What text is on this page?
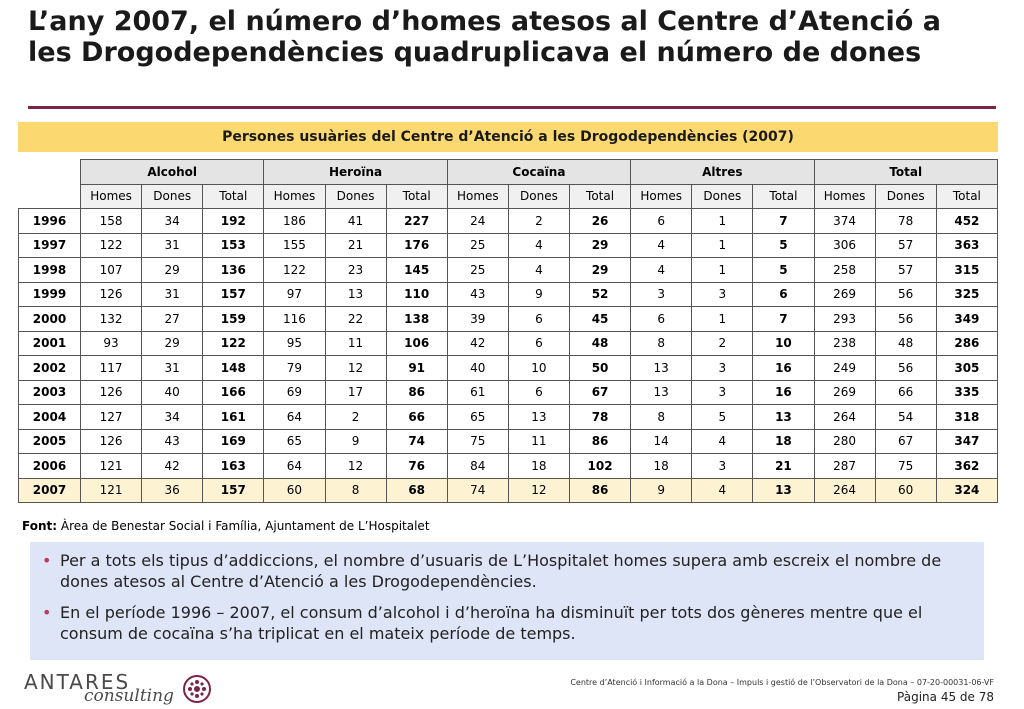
L’any 2007, el número d’homes atesos al Centre d’Atenció a les Drogodependències quadruplicava el número de dones
Persones usuàries del Centre d’Atenció a les Drogodependències (2007)
	Alcohol			Heroïna			Cocaïna			Altres			Total		
	Homes	Dones	Total	Homes	Dones	Total	Homes	Dones	Total	Homes	Dones	Total	Homes	Dones	Total
1996	158	34	192	186	41	227	24	2	26	6	1	7	374	78	452
1997	122	31	153	155	21	176	25	4	29	4	1	5	306	57	363
1998	107	29	136	122	23	145	25	4	29	4	1	5	258	57	315
1999	126	31	157	97	13	110	43	9	52	3	3	6	269	56	325
2000	132	27	159	116	22	138	39	6	45	6	1	7	293	56	349
2001	93	29	122	95	11	106	42	6	48	8	2	10	238	48	286
2002	117	31	148	79	12	91	40	10	50	13	3	16	249	56	305
2003	126	40	166	69	17	86	61	6	67	13	3	16	269	66	335
2004	127	34	161	64	2	66	65	13	78	8	5	13	264	54	318
2005	126	43	169	65	9	74	75	11	86	14	4	18	280	67	347
2006	121	42	163	64	12	76	84	18	102	18	3	21	287	75	362
2007	121	36	157	60	8	68	74	12	86	9	4	13	264	60	324
Font: Àrea de Benestar Social i Família, Ajuntament de L’Hospitalet
• Per a tots els tipus d’addiccions, el nombre d’usuaris de L’Hospitalet homes supera amb escreix el nombre de dones atesos al Centre d’Atenció a les Drogodependències.
• En el període 1996 – 2007, el consum d’alcohol i d’heroïna ha disminuït per tots dos gèneres mentre que el consum de cocaïna s’ha triplicat en el mateix període de temps.
ANTARES
consulting
Centre d’Atenció i Informació a la Dona – Impuls i gestió de l’Observatori de la Dona – 07-20-00031-06-VF
Pàgina 45 de 78
